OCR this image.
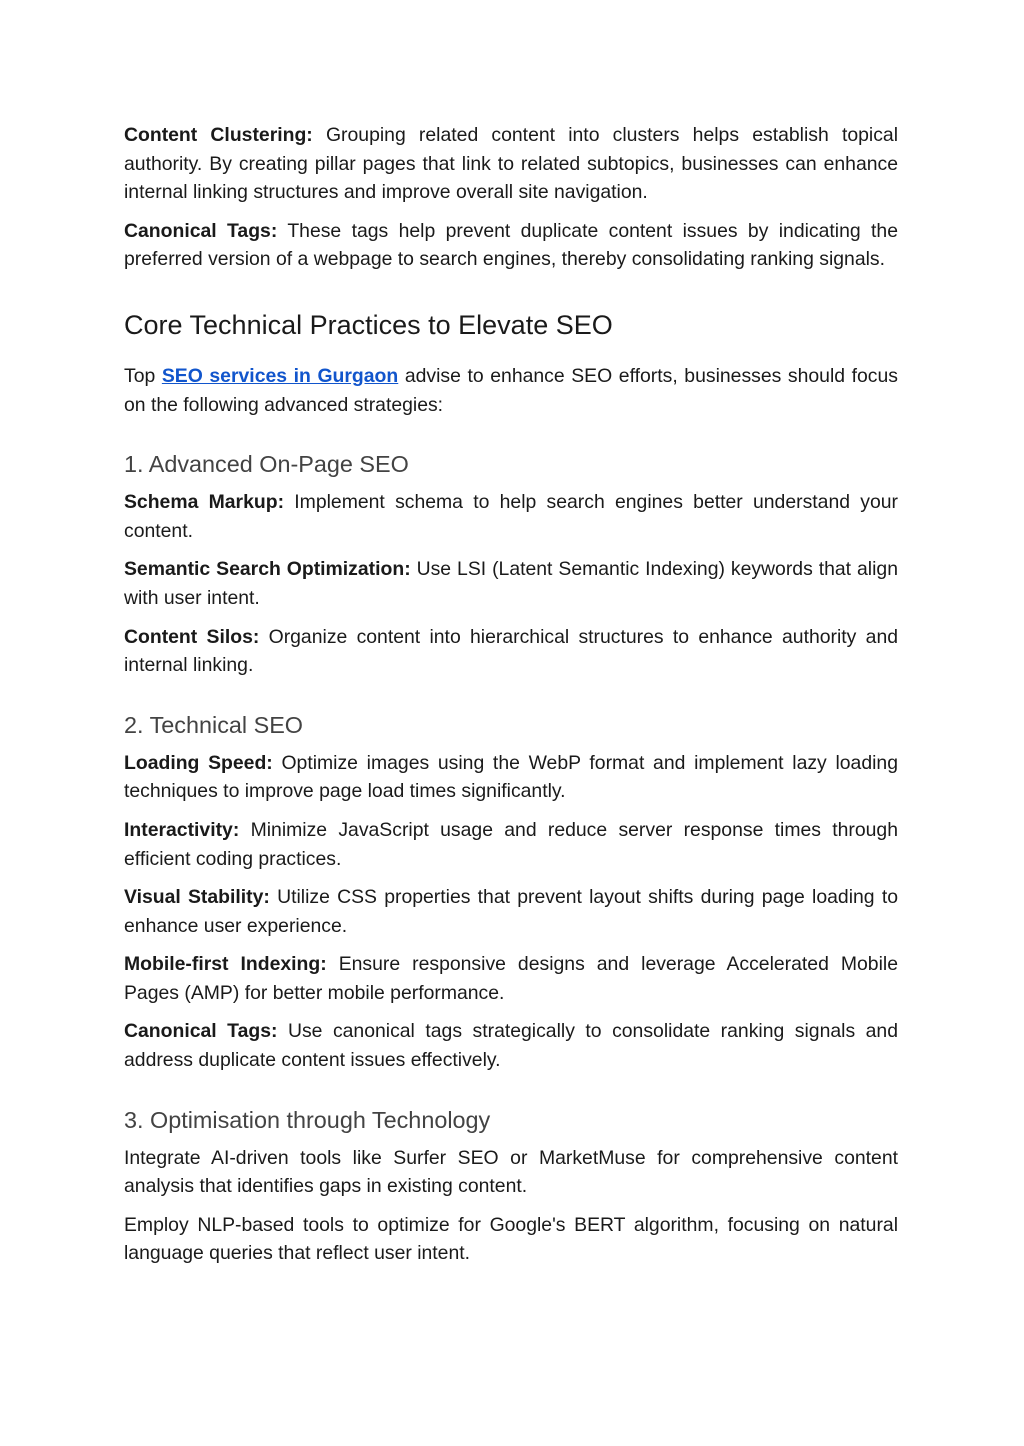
Content Clustering: Grouping related content into clusters helps establish topical authority. By creating pillar pages that link to related subtopics, businesses can enhance internal linking structures and improve overall site navigation.

Canonical Tags: These tags help prevent duplicate content issues by indicating the preferred version of a webpage to search engines, thereby consolidating ranking signals.

Core Technical Practices to Elevate SEO

Top SEO services in Gurgaon advise to enhance SEO efforts, businesses should focus on the following advanced strategies:

1. Advanced On-Page SEO

Schema Markup: Implement schema to help search engines better understand your content.

Semantic Search Optimization: Use LSI (Latent Semantic Indexing) keywords that align with user intent.

Content Silos: Organize content into hierarchical structures to enhance authority and internal linking.

2. Technical SEO

Loading Speed: Optimize images using the WebP format and implement lazy loading techniques to improve page load times significantly.

Interactivity: Minimize JavaScript usage and reduce server response times through efficient coding practices.

Visual Stability: Utilize CSS properties that prevent layout shifts during page loading to enhance user experience.

Mobile-first Indexing: Ensure responsive designs and leverage Accelerated Mobile Pages (AMP) for better mobile performance.

Canonical Tags: Use canonical tags strategically to consolidate ranking signals and address duplicate content issues effectively.

3. Optimisation through Technology

Integrate AI-driven tools like Surfer SEO or MarketMuse for comprehensive content analysis that identifies gaps in existing content.

Employ NLP-based tools to optimize for Google's BERT algorithm, focusing on natural language queries that reflect user intent.
